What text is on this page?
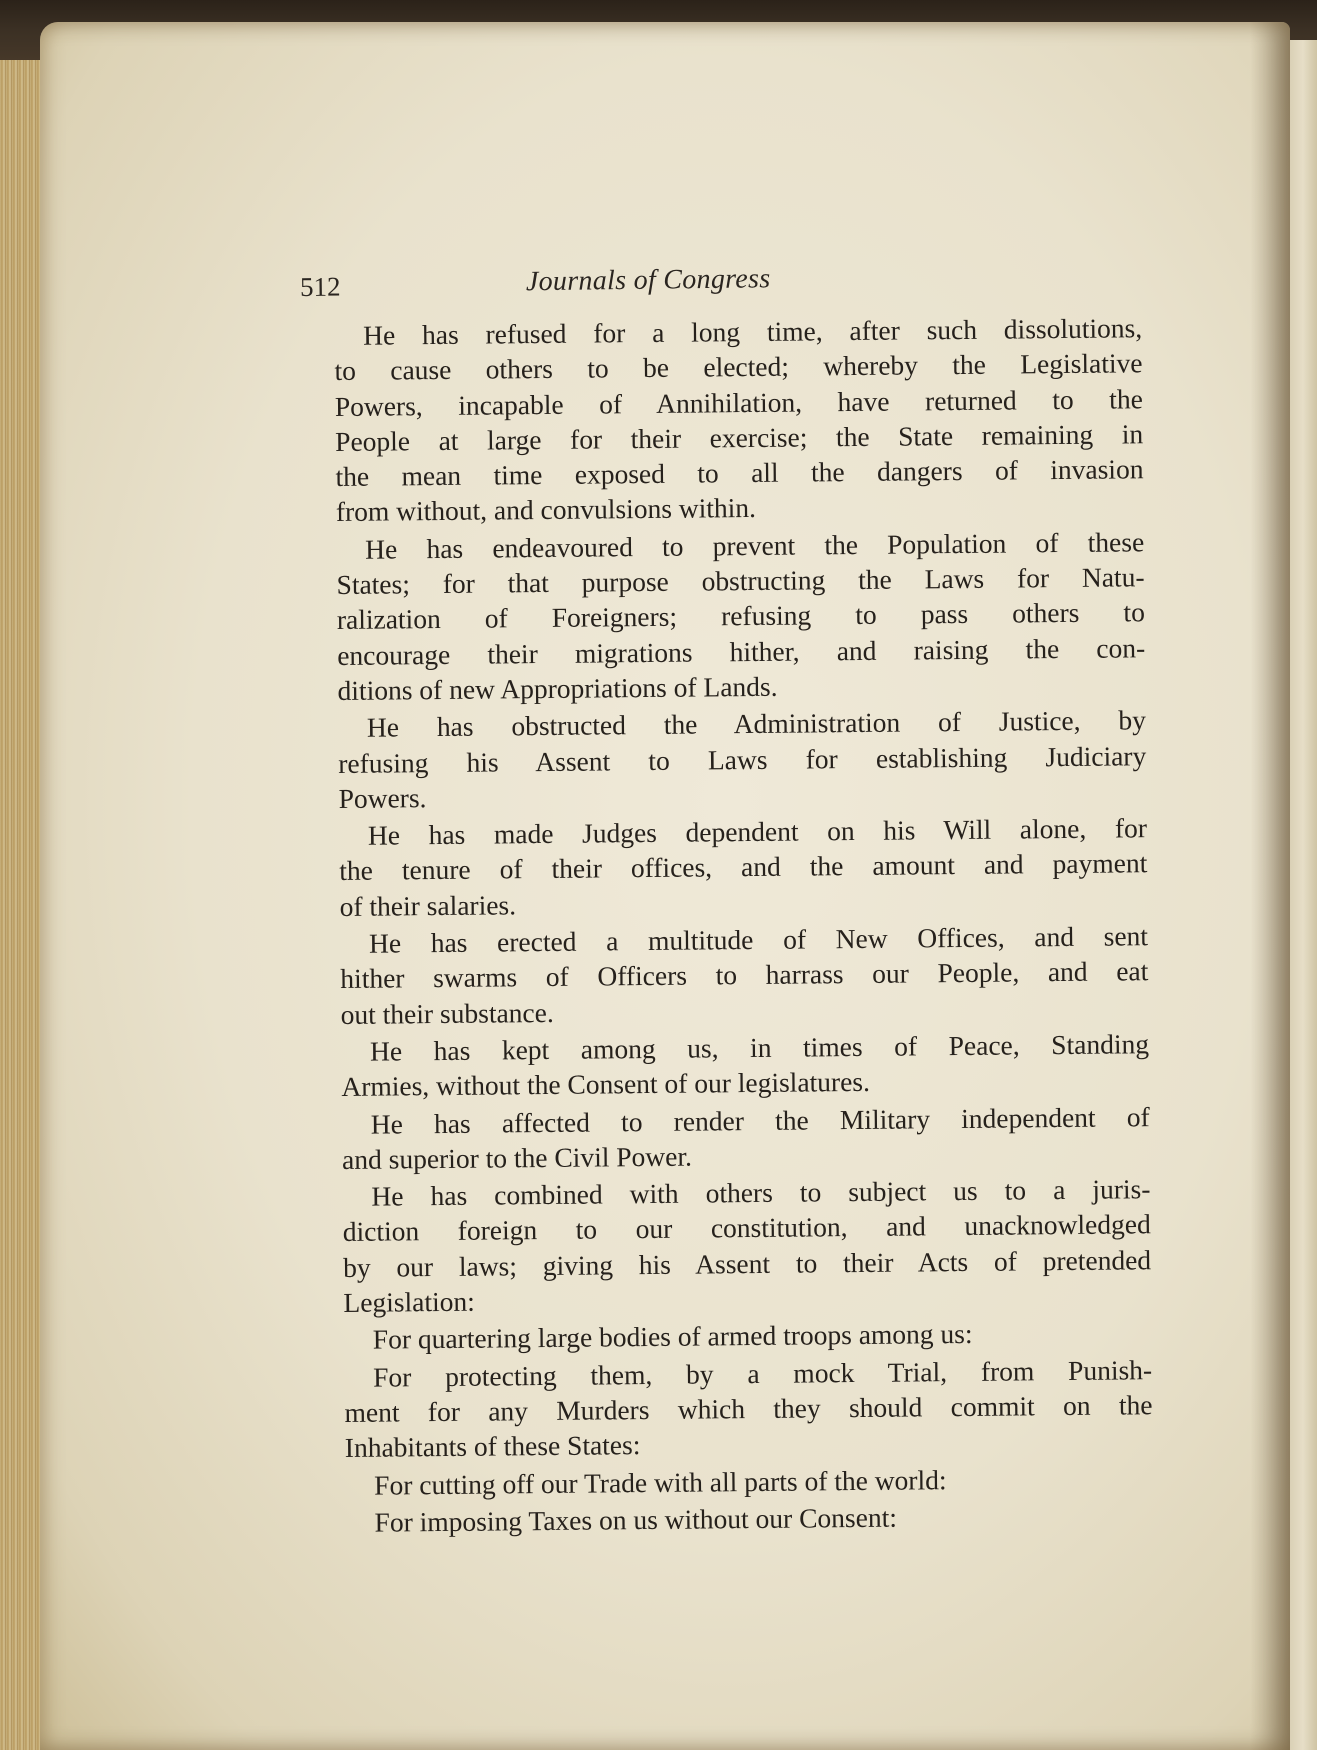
512	Journals of Congress
He has refused for a long time, after such dissolutions,
to cause others to be elected; whereby the Legislative
Powers, incapable of Annihilation, have returned to the
People at large for their exercise; the State remaining in
the mean time exposed to all the dangers of invasion
from without, and convulsions within.
He has endeavoured to prevent the Population of these
States; for that purpose obstructing the Laws for Natu-
ralization of Foreigners; refusing to pass others to
encourage their migrations hither, and raising the con-
ditions of new Appropriations of Lands.
He has obstructed the Administration of Justice, by
refusing his Assent to Laws for establishing Judiciary
Powers.
He has made Judges dependent on his Will alone, for
the tenure of their offices, and the amount and payment
of their salaries.
He has erected a multitude of New Offices, and sent
hither swarms of Officers to harrass our People, and eat
out their substance.
He has kept among us, in times of Peace, Standing
Armies, without the Consent of our legislatures.
He has affected to render the Military independent of
and superior to the Civil Power.
He has combined with others to subject us to a juris-
diction foreign to our constitution, and unacknowledged
by our laws; giving his Assent to their Acts of pretended
Legislation:
For quartering large bodies of armed troops among us:
For protecting them, by a mock Trial, from Punish-
ment for any Murders which they should commit on the
Inhabitants of these States:
For cutting off our Trade with all parts of the world:
For imposing Taxes on us without our Consent:
